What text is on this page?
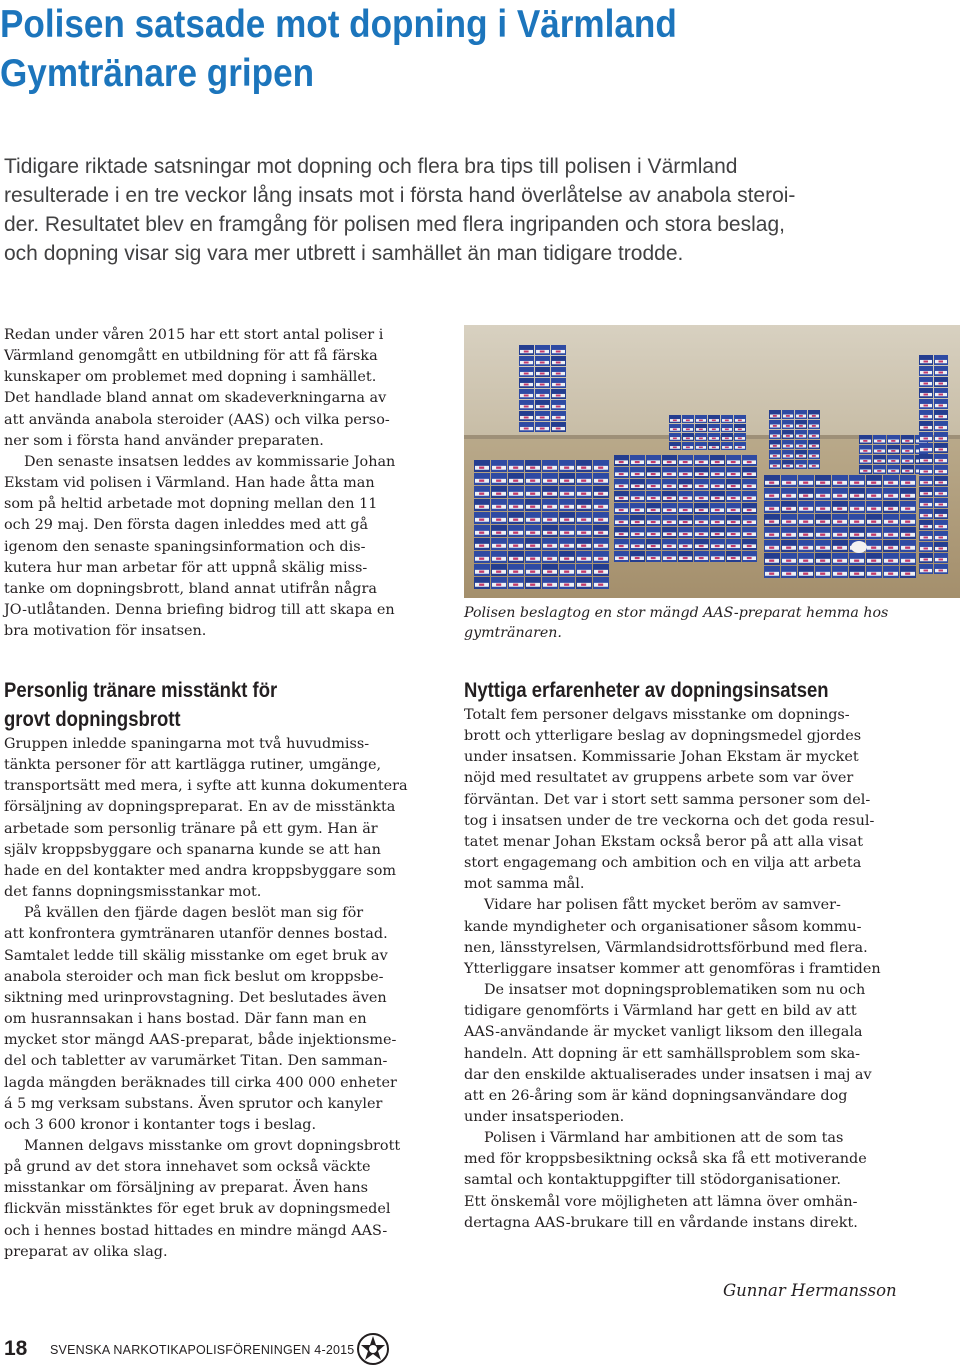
Polisen satsade mot dopning i Värmland
Gymtränare gripen
Tidigare riktade satsningar mot dopning och flera bra tips till polisen i Värmland
resulterade i en tre veckor lång insats mot i första hand överlåtelse av anabola steroi-
der. Resultatet blev en framgång för polisen med flera ingripanden och stora beslag,
och dopning visar sig vara mer utbrett i samhället än man tidigare trodde.
Redan under våren 2015 har ett stort antal poliser i
Värmland genomgått en utbildning för att få färska
kunskaper om problemet med dopning i samhället.
Det handlade bland annat om skadeverkningarna av
att använda anabola steroider (AAS) och vilka perso-
ner som i första hand använder preparaten.
Den senaste insatsen leddes av kommissarie Johan
Ekstam vid polisen i Värmland. Han hade åtta man
som på heltid arbetade mot dopning mellan den 11
och 29 maj. Den första dagen inleddes med att gå
igenom den senaste spaningsinformation och dis-
kutera hur man arbetar för att uppnå skälig miss-
tanke om dopningsbrott, bland annat utifrån några
JO-utlåtanden. Denna briefing bidrog till att skapa en
bra motivation för insatsen.
Polisen beslagtog en stor mängd AAS-preparat hemma hos
gymtränaren.
Personlig tränare misstänkt för
grovt dopningsbrott
Gruppen inledde spaningarna mot två huvudmiss-
tänkta personer för att kartlägga rutiner, umgänge,
transportsätt med mera, i syfte att kunna dokumentera
försäljning av dopningspreparat. En av de misstänkta
arbetade som personlig tränare på ett gym. Han är
själv kroppsbyggare och spanarna kunde se att han
hade en del kontakter med andra kroppsbyggare som
det fanns dopningsmisstankar mot.
På kvällen den fjärde dagen beslöt man sig för
att konfrontera gymtränaren utanför dennes bostad.
Samtalet ledde till skälig misstanke om eget bruk av
anabola steroider och man fick beslut om kroppsbe-
siktning med urinprovstagning. Det beslutades även
om husrannsakan i hans bostad. Där fann man en
mycket stor mängd AAS-preparat, både injektionsme-
del och tabletter av varumärket Titan. Den samman-
lagda mängden beräknades till cirka 400 000 enheter
á 5 mg verksam substans. Även sprutor och kanyler
och 3 600 kronor i kontanter togs i beslag.
Mannen delgavs misstanke om grovt dopningsbrott
på grund av det stora innehavet som också väckte
misstankar om försäljning av preparat. Även hans
flickvän misstänktes för eget bruk av dopningsmedel
och i hennes bostad hittades en mindre mängd AAS-
preparat av olika slag.
Nyttiga erfarenheter av dopningsinsatsen
Totalt fem personer delgavs misstanke om dopnings-
brott och ytterligare beslag av dopningsmedel gjordes
under insatsen. Kommissarie Johan Ekstam är mycket
nöjd med resultatet av gruppens arbete som var över
förväntan. Det var i stort sett samma personer som del-
tog i insatsen under de tre veckorna och det goda resul-
tatet menar Johan Ekstam också beror på att alla visat
stort engagemang och ambition och en vilja att arbeta
mot samma mål.
Vidare har polisen fått mycket beröm av samver-
kande myndigheter och organisationer såsom kommu-
nen, länsstyrelsen, Värmlandsidrottsförbund med flera.
Ytterliggare insatser kommer att genomföras i framtiden
De insatser mot dopningsproblematiken som nu och
tidigare genomförts i Värmland har gett en bild av att
AAS-användande är mycket vanligt liksom den illegala
handeln. Att dopning är ett samhällsproblem som ska-
dar den enskilde aktualiserades under insatsen i maj av
att en 26-åring som är känd dopningsanvändare dog
under insatsperioden.
Polisen i Värmland har ambitionen att de som tas
med för kroppsbesiktning också ska få ett motiverande
samtal och kontaktuppgifter till stödorganisationer.
Ett önskemål vore möjligheten att lämna över omhän-
dertagna AAS-brukare till en vårdande instans direkt.
Gunnar Hermansson
18 SVENSKA NARKOTIKAPOLISFÖRENINGEN 4-2015
